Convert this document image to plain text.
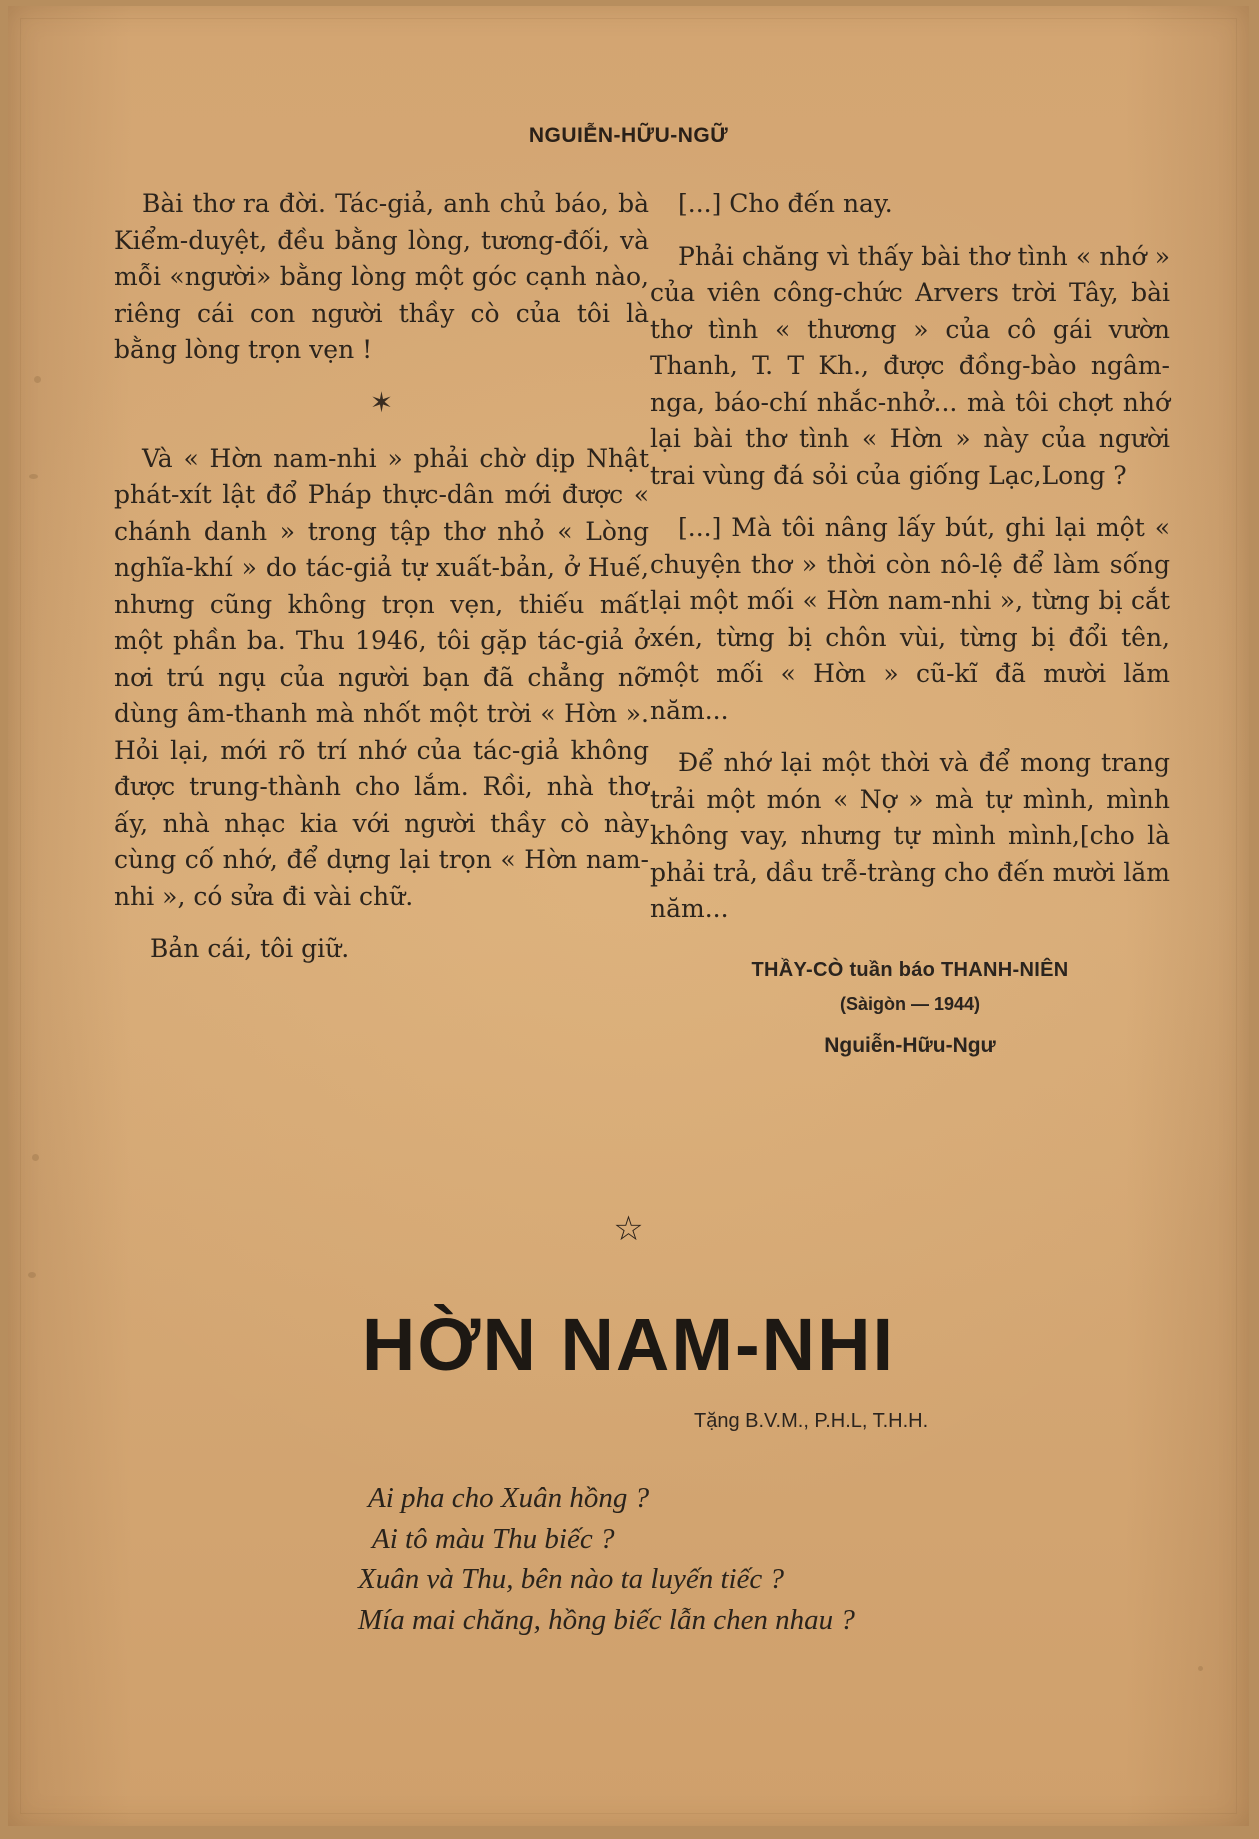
NGUIỄN-HỮU-NGỮ

Bài thơ ra đời. Tác-giả, anh chủ báo, bà Kiểm-duyệt, đều bằng lòng, tương-đối, và mỗi «người» bằng lòng một góc cạnh nào, riêng cái con người thầy cò của tôi là bằng lòng trọn vẹn !

✶

Và « Hờn nam-nhi » phải chờ dịp Nhật phát-xít lật đổ Pháp thực-dân mới được « chánh danh » trong tập thơ nhỏ « Lòng nghĩa-khí » do tác-giả tự xuất-bản, ở Huế, nhưng cũng không trọn vẹn, thiếu mất một phần ba. Thu 1946, tôi gặp tác-giả ở nơi trú ngụ của người bạn đã chẳng nỡ dùng âm-thanh mà nhốt một trời « Hờn ». Hỏi lại, mới rõ trí nhớ của tác-giả không được trung-thành cho lắm. Rồi, nhà thơ ấy, nhà nhạc kia với người thầy cò này cùng cố nhớ, để dựng lại trọn « Hờn nam-nhi », có sửa đi vài chữ.

Bản cái, tôi giữ.

[...] Cho đến nay.

Phải chăng vì thấy bài thơ tình « nhớ » của viên công-chức Arvers trời Tây, bài thơ tình « thương » của cô gái vườn Thanh, T. T Kh., được đồng-bào ngâm-nga, báo-chí nhắc-nhở... mà tôi chợt nhớ lại bài thơ tình « Hờn » này của người trai vùng đá sỏi của giống Lạc,Long ?

[...] Mà tôi nâng lấy bút, ghi lại một « chuyện thơ » thời còn nô-lệ để làm sống lại một mối « Hờn nam-nhi », từng bị cắt xén, từng bị chôn vùi, từng bị đổi tên, một mối « Hờn » cũ-kĩ đã mười lăm năm...

Để nhớ lại một thời và để mong trang trải một món « Nợ » mà tự mình, mình không vay, nhưng tự mình mình,[cho là phải trả, dầu trễ-tràng cho đến mười lăm năm...

THẦY-CÒ tuần báo THANH-NIÊN
(Sàigòn — 1944)
Nguiễn-Hữu-Ngư
☆
HỜN NAM-NHI
Tặng B.V.M., P.H.L, T.H.H.
Ai pha cho Xuân hồng ?
Ai tô màu Thu biếc ?
Xuân và Thu, bên nào ta luyến tiếc ?
Mía mai chăng, hồng biếc lẫn chen nhau ?
